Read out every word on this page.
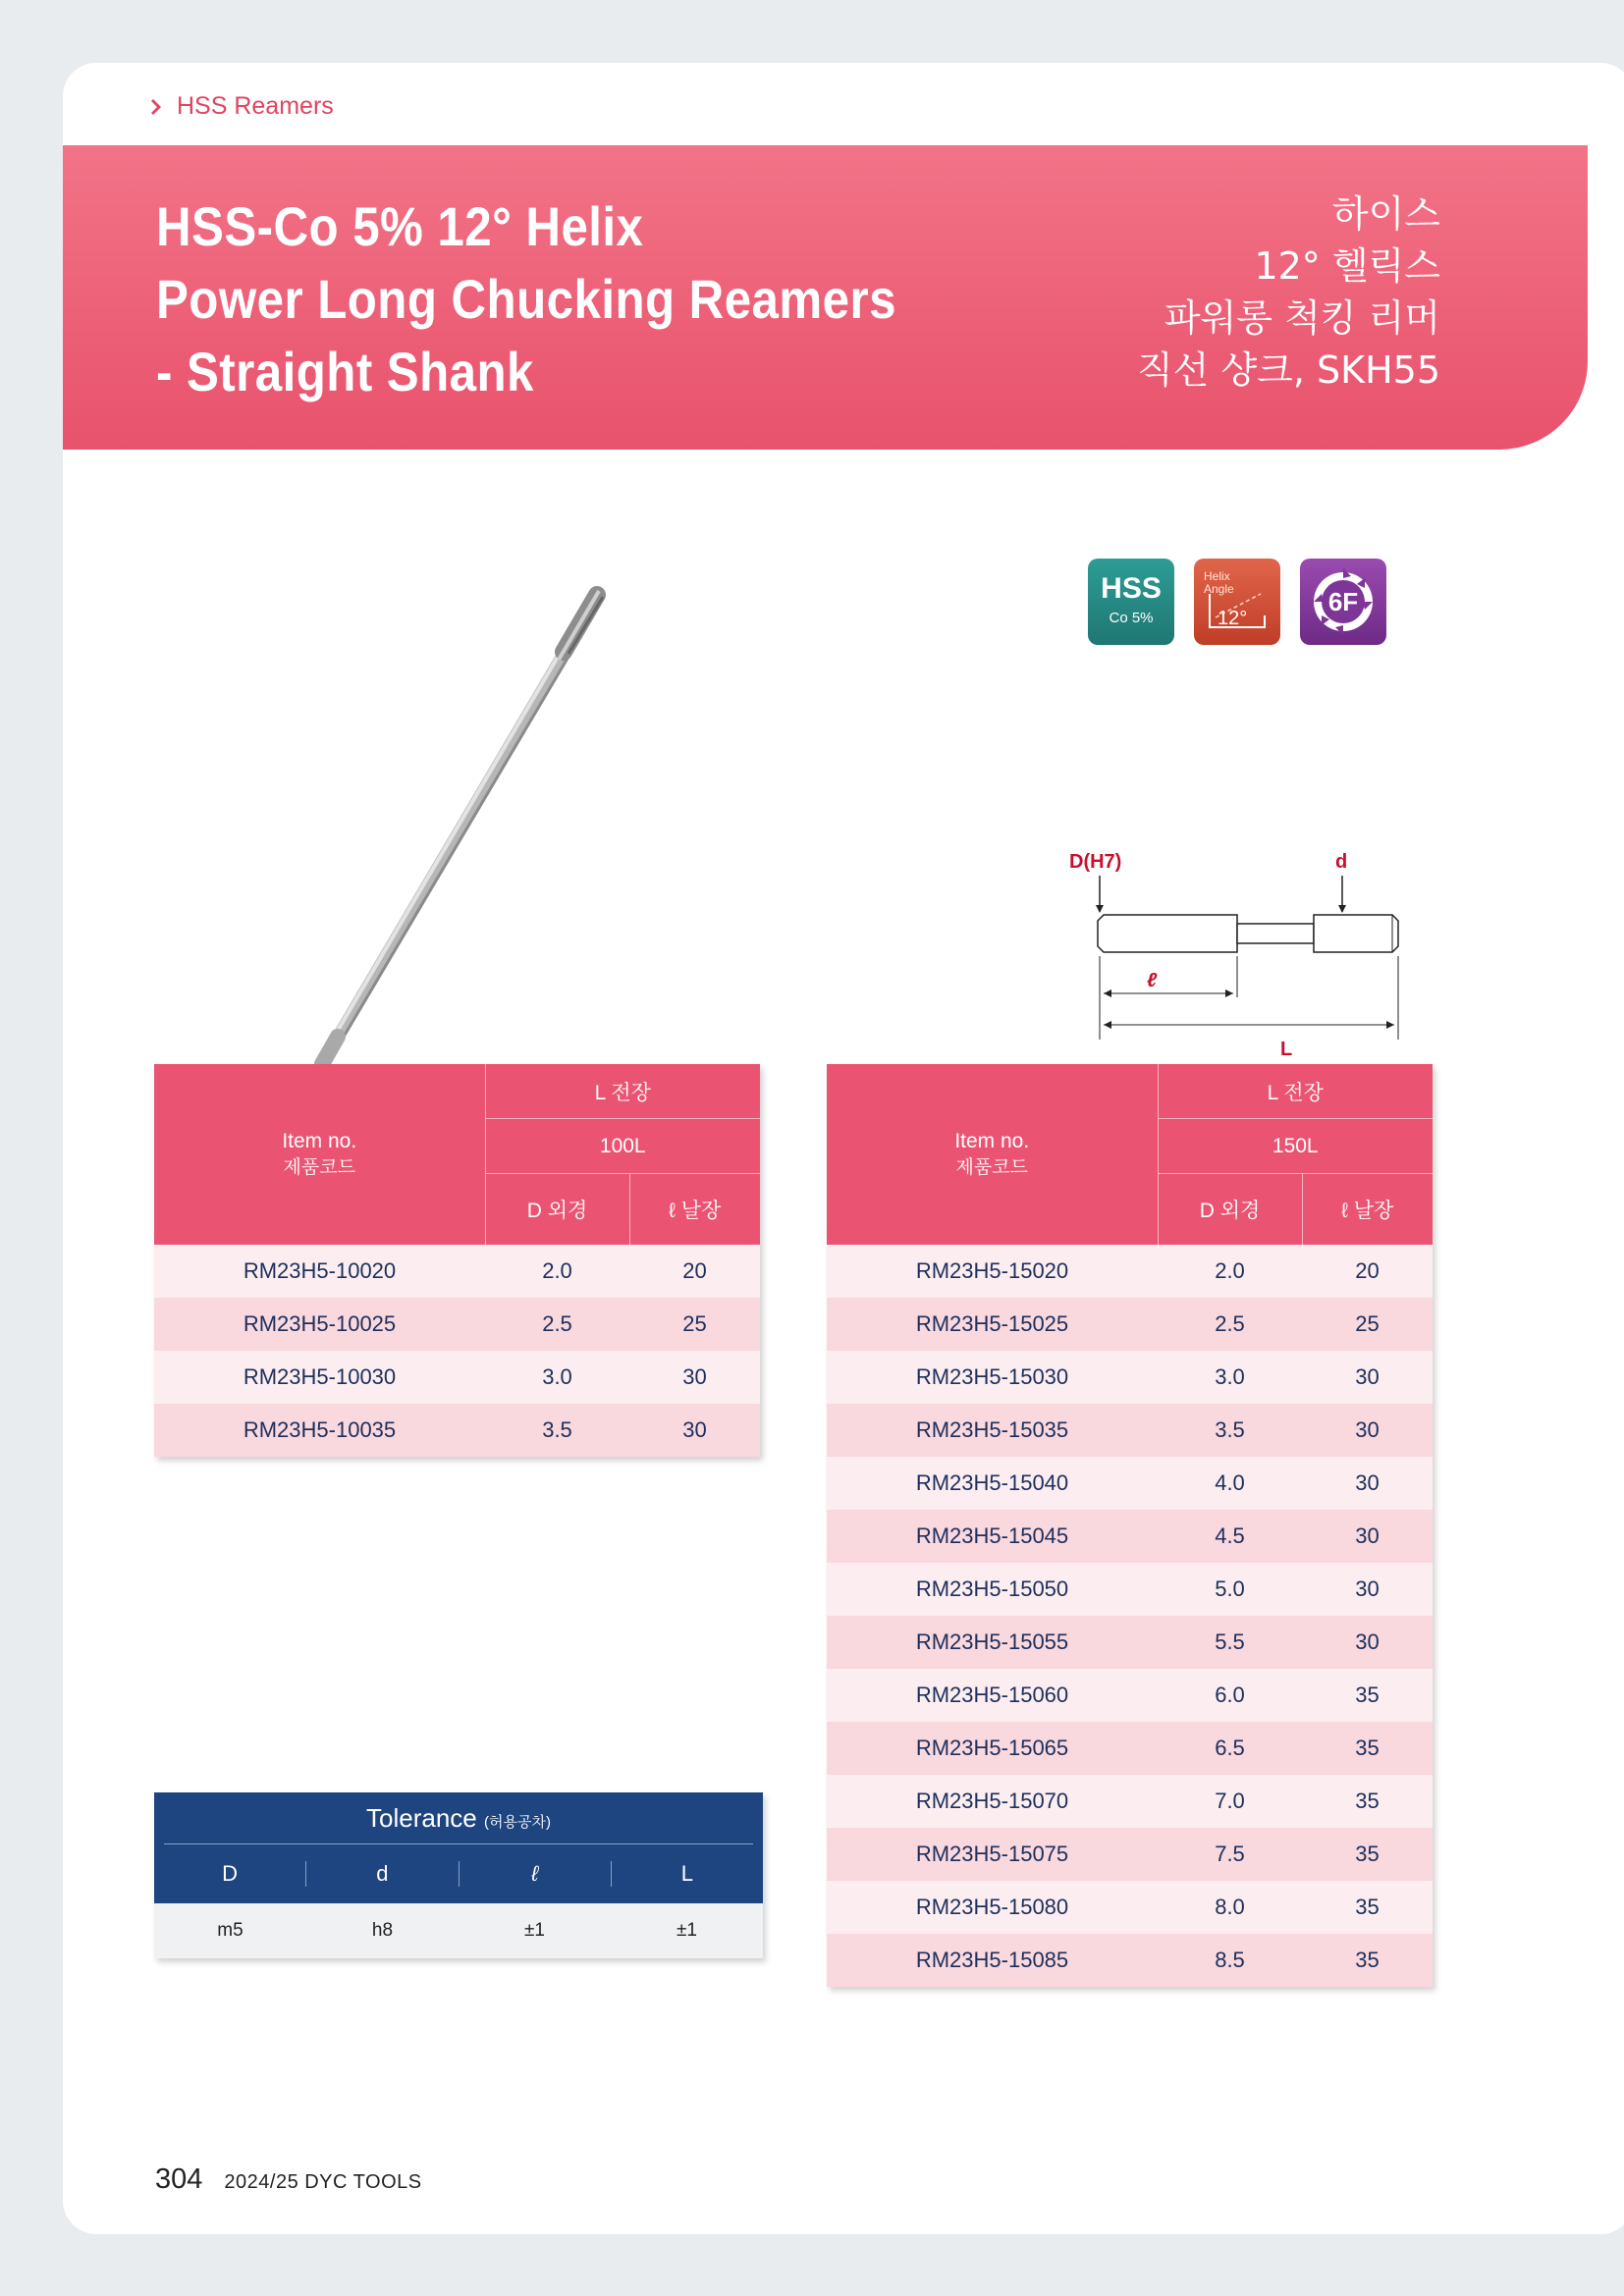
HSS Reamers
HSS-Co 5% 12° Helix
Power Long Chucking Reamers
- Straight Shank
하이스
12° 헬릭스
파워롱 척킹 리머
직선 샹크, SKH55
HSS
Co 5%
Helix
Angle
12°
6F
D(H7)	d
ℓ
L
Item no.
제품코드	L 전장	
	100L	
	D 외경	ℓ 날장
RM23H5-10020	2.0	20
RM23H5-10025	2.5	25
RM23H5-10030	3.0	30
RM23H5-10035	3.5	30
Item no.
제품코드	L 전장	
	150L	
	D 외경	ℓ 날장
RM23H5-15020	2.0	20
RM23H5-15025	2.5	25
RM23H5-15030	3.0	30
RM23H5-15035	3.5	30
RM23H5-15040	4.0	30
RM23H5-15045	4.5	30
RM23H5-15050	5.0	30
RM23H5-15055	5.5	30
RM23H5-15060	6.0	35
RM23H5-15065	6.5	35
RM23H5-15070	7.0	35
RM23H5-15075	7.5	35
RM23H5-15080	8.0	35
RM23H5-15085	8.5	35
Tolerance (허용공차)
D	d	ℓ	L
m5	h8	±1	±1
304 2024/25 DYC TOOLS
